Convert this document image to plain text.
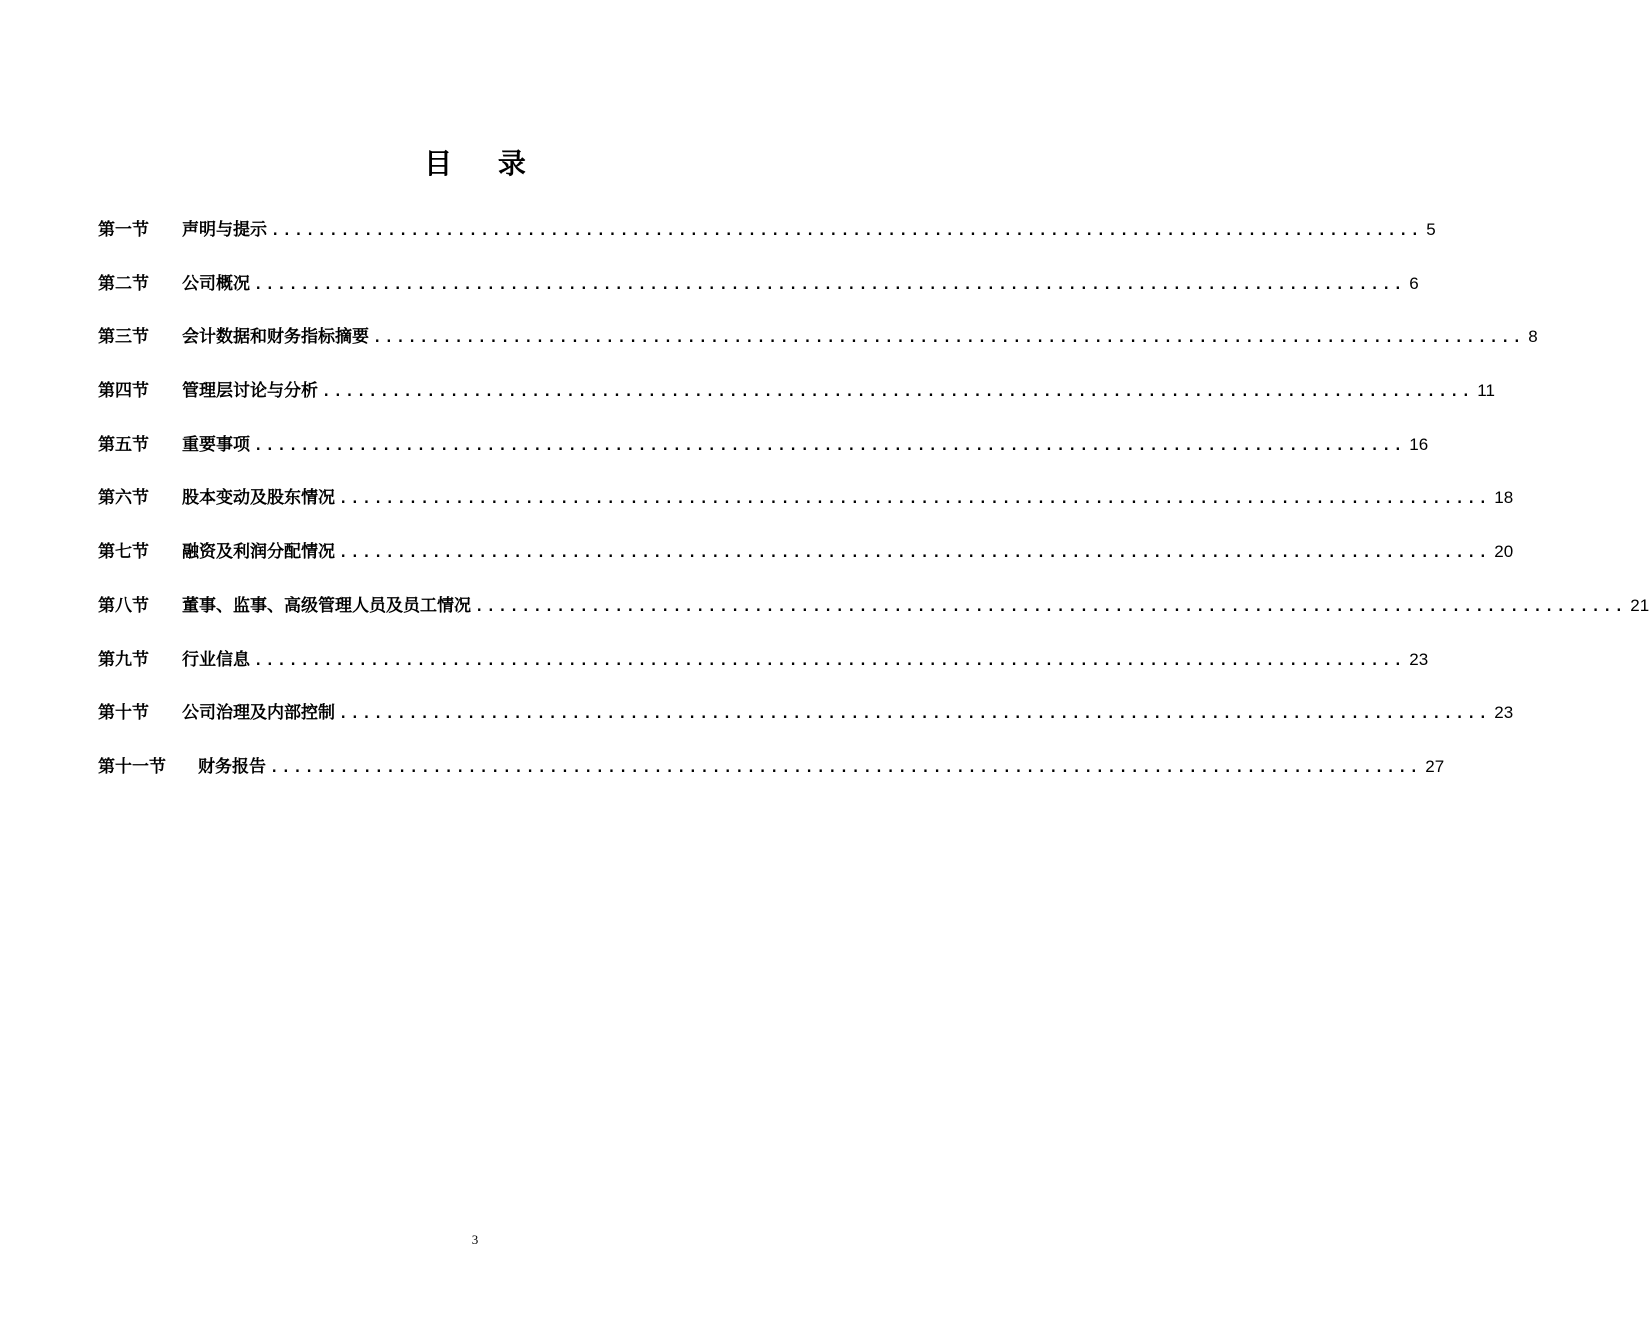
目 录
第一节	声明与提示 ................................................................................................... 5
第二节	公司概况 ................................................................................................... 6
第三节	会计数据和财务指标摘要 ................................................................................................... 8
第四节	管理层讨论与分析 ................................................................................................... 11
第五节	重要事项 ................................................................................................... 16
第六节	股本变动及股东情况 ................................................................................................... 18
第七节	融资及利润分配情况 ................................................................................................... 20
第八节	董事、监事、高级管理人员及员工情况 ................................................................................................... 21
第九节	行业信息 ................................................................................................... 23
第十节	公司治理及内部控制 ................................................................................................... 23
第十一节	财务报告 ................................................................................................... 27
3
